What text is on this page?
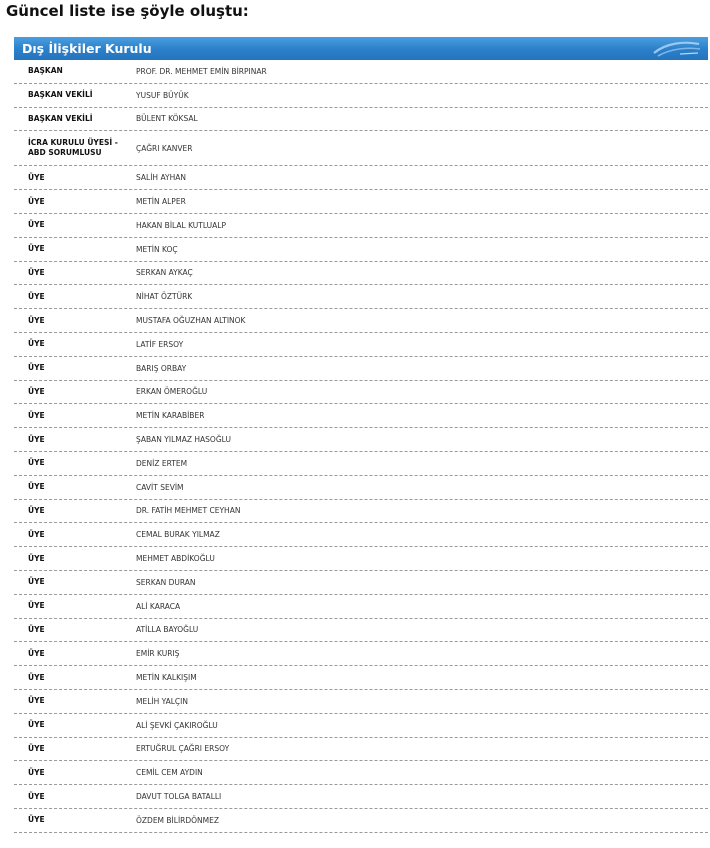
Güncel liste ise şöyle oluştu:
Dış İlişkiler Kurulu
BAŞKAN	PROF. DR. MEHMET EMİN BİRPINAR
BAŞKAN VEKİLİ	YUSUF BÜYÜK
BAŞKAN VEKİLİ	BÜLENT KÖKSAL
İCRA KURULU ÜYESİ - ABD SORUMLUSU	ÇAĞRI KANVER
ÜYE	SALİH AYHAN
ÜYE	METİN ALPER
ÜYE	HAKAN BİLAL KUTLUALP
ÜYE	METİN KOÇ
ÜYE	SERKAN AYKAÇ
ÜYE	NİHAT ÖZTÜRK
ÜYE	MUSTAFA OĞUZHAN ALTINOK
ÜYE	LATİF ERSOY
ÜYE	BARIŞ ORBAY
ÜYE	ERKAN ÖMEROĞLU
ÜYE	METİN KARABİBER
ÜYE	ŞABAN YILMAZ HASOĞLU
ÜYE	DENİZ ERTEM
ÜYE	CAVİT SEVİM
ÜYE	DR. FATİH MEHMET CEYHAN
ÜYE	CEMAL BURAK YILMAZ
ÜYE	MEHMET ABDİKOĞLU
ÜYE	SERKAN DURAN
ÜYE	ALİ KARACA
ÜYE	ATİLLA BAYOĞLU
ÜYE	EMİR KURIŞ
ÜYE	METİN KALKIŞIM
ÜYE	MELİH YALÇIN
ÜYE	ALİ ŞEVKİ ÇAKIROĞLU
ÜYE	ERTUĞRUL ÇAĞRI ERSOY
ÜYE	CEMİL CEM AYDIN
ÜYE	DAVUT TOLGA BATALLI
ÜYE	ÖZDEM BİLİRDÖNMEZ
